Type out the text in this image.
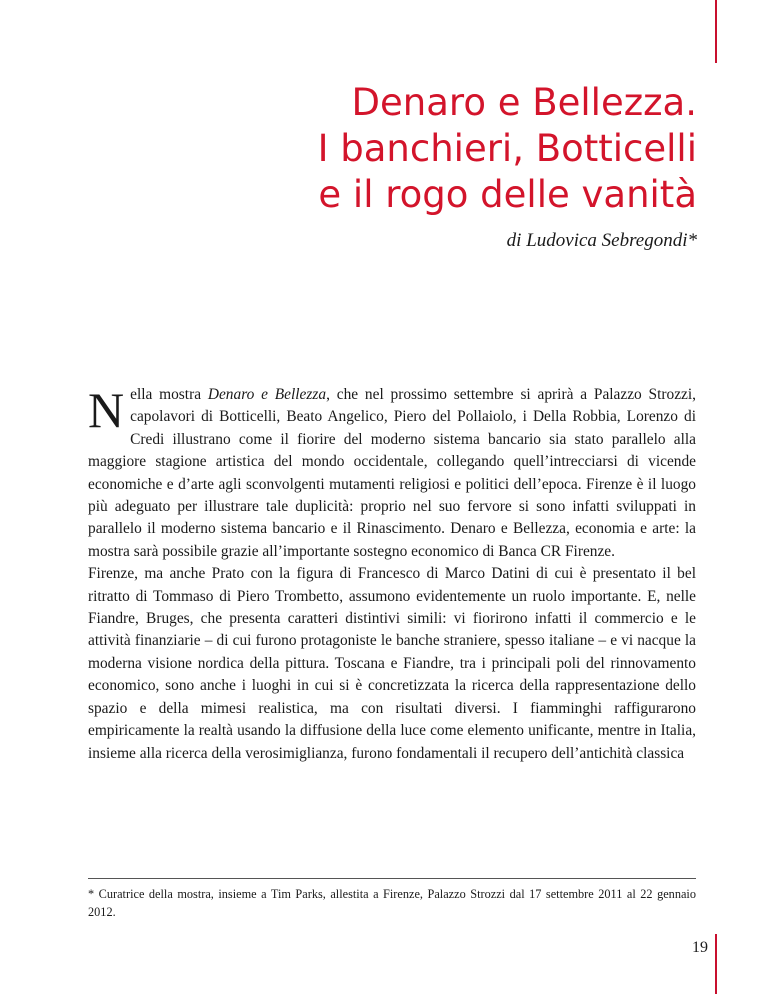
Denaro e Bellezza.
I banchieri, Botticelli
e il rogo delle vanità
di Ludovica Sebregondi*

Nella mostra Denaro e Bellezza, che nel prossimo settembre si aprirà a Palazzo Strozzi, capolavori di Botticelli, Beato Angelico, Piero del Pollaiolo, i Della Robbia, Lorenzo di Credi illustrano come il fiorire del moderno sistema bancario sia stato parallelo alla maggiore stagione artistica del mondo occidentale, collegando quell’intrecciarsi di vicende economiche e d’arte agli sconvolgenti mutamenti religiosi e politici dell’epoca. Firenze è il luogo più adeguato per illustrare tale duplicità: proprio nel suo fervore si sono infatti sviluppati in parallelo il moderno sistema bancario e il Rinascimento. Denaro e Bellezza, economia e arte: la mostra sarà possibile grazie all’importante sostegno economico di Banca CR Firenze.

Firenze, ma anche Prato con la figura di Francesco di Marco Datini di cui è presentato il bel ritratto di Tommaso di Piero Trombetto, assumono evidentemente un ruolo importante. E, nelle Fiandre, Bruges, che presenta caratteri distintivi simili: vi fiorirono infatti il commercio e le attività finanziarie – di cui furono protagoniste le banche straniere, spesso italiane – e vi nacque la moderna visione nordica della pittura. Toscana e Fiandre, tra i principali poli del rinnovamento economico, sono anche i luoghi in cui si è concretizzata la ricerca della rappresentazione dello spazio e della mimesi realistica, ma con risultati diversi. I fiamminghi raffigurarono empiricamente la realtà usando la diffusione della luce come elemento unificante, mentre in Italia, insieme alla ricerca della verosimiglianza, furono fondamentali il recupero dell’antichità classica

* Curatrice della mostra, insieme a Tim Parks, allestita a Firenze, Palazzo Strozzi dal 17 settembre 2011 al 22 gennaio 2012.
19
